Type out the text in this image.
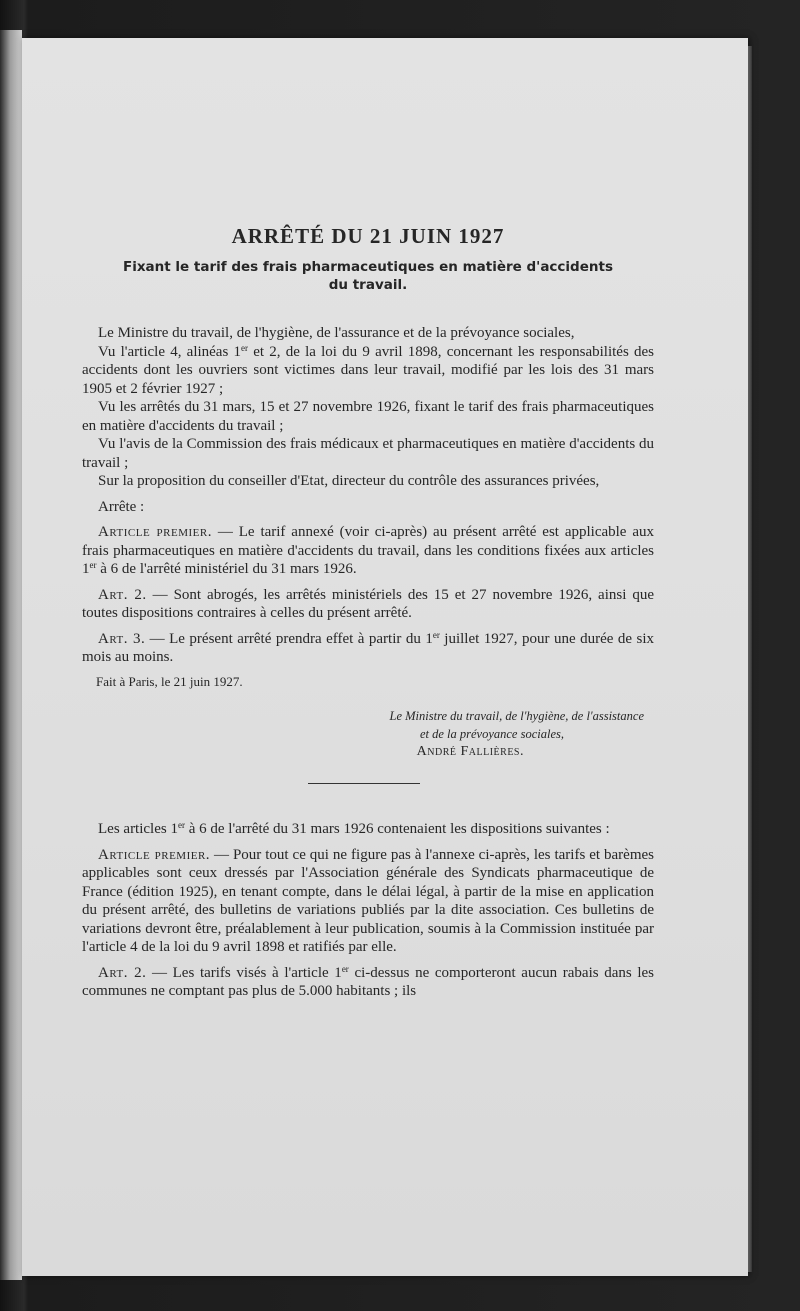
ARRÊTÉ DU 21 JUIN 1927
Fixant le tarif des frais pharmaceutiques en matière d'accidents
du travail.

Le Ministre du travail, de l'hygiène, de l'assurance et de la prévoyance sociales,

Vu l'article 4, alinéas 1er et 2, de la loi du 9 avril 1898, concernant les responsabilités des accidents dont les ouvriers sont victimes dans leur travail, modifié par les lois des 31 mars 1905 et 2 février 1927 ;

Vu les arrêtés du 31 mars, 15 et 27 novembre 1926, fixant le tarif des frais pharmaceutiques en matière d'accidents du travail ;

Vu l'avis de la Commission des frais médicaux et pharmaceutiques en matière d'accidents du travail ;

Sur la proposition du conseiller d'Etat, directeur du contrôle des assurances privées,

Arrête :

Article premier. — Le tarif annexé (voir ci-après) au présent arrêté est applicable aux frais pharmaceutiques en matière d'accidents du travail, dans les conditions fixées aux articles 1er à 6 de l'arrêté ministériel du 31 mars 1926.

Art. 2. — Sont abrogés, les arrêtés ministériels des 15 et 27 novembre 1926, ainsi que toutes dispositions contraires à celles du présent arrêté.

Art. 3. — Le présent arrêté prendra effet à partir du 1er juillet 1927, pour une durée de six mois au moins.

Fait à Paris, le 21 juin 1927.

Le Ministre du travail, de l'hygiène, de l'assistance
et de la prévoyance sociales,
André Fallières.

Les articles 1er à 6 de l'arrêté du 31 mars 1926 contenaient les dispositions suivantes :

Article premier. — Pour tout ce qui ne figure pas à l'annexe ci-après, les tarifs et barèmes applicables sont ceux dressés par l'Association générale des Syndicats pharmaceutique de France (édition 1925), en tenant compte, dans le délai légal, à partir de la mise en application du présent arrêté, des bulletins de variations publiés par la dite association. Ces bulletins de variations devront être, préalablement à leur publication, soumis à la Commission instituée par l'article 4 de la loi du 9 avril 1898 et ratifiés par elle.

Art. 2. — Les tarifs visés à l'article 1er ci-dessus ne comporteront aucun rabais dans les communes ne comptant pas plus de 5.000 habitants ; ils
